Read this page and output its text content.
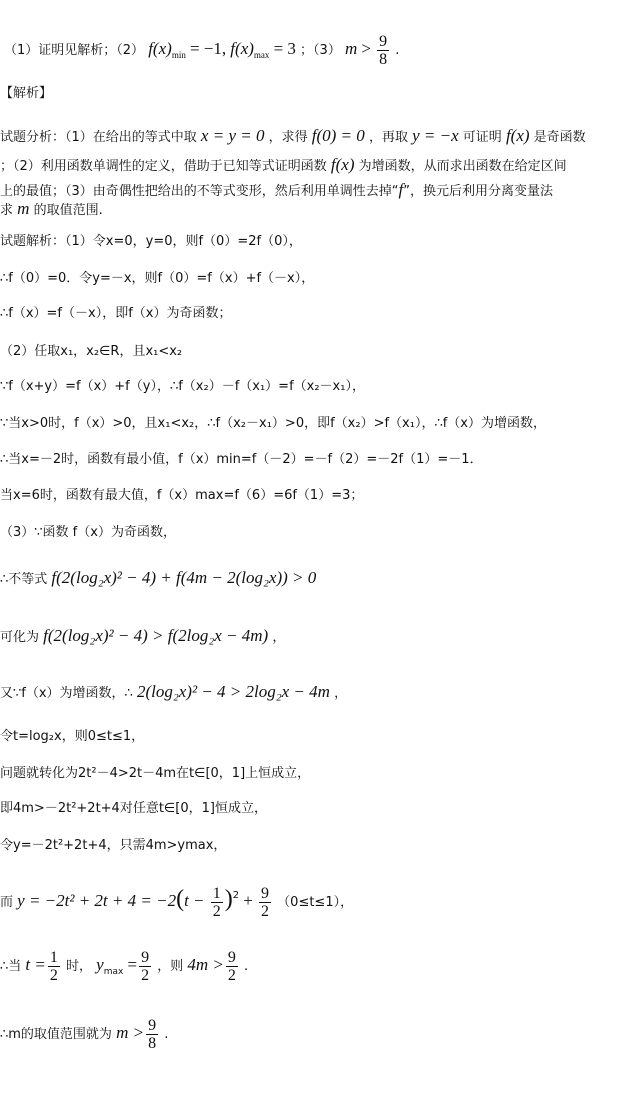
（1）证明见解析；（2） $f(x)_{min} = -1$, $f(x)_{max} = 3$ ；（3） $m > \frac{9}{8}$ .
【解析】
试题分析：（1）在给出的等式中取 x = y = 0 ，求得 f(0) = 0 ，再取 y = −x 可证明 f(x) 是奇函数
；（2）利用函数单调性的定义，借助于已知等式证明函数 f(x) 为增函数，从而求出函数在给定区间
上的最值；（3）由奇偶性把给出的不等式变形，然后利用单调性去掉“f”，换元后利用分离变量法
求 m 的取值范围.
试题解析：（1）令x=0，y=0，则f（0）=2f（0），
∴f（0）=0．令y=－x，则f（0）=f（x）+f（－x），
∴f（x）=f（－x），即f（x）为奇函数；
（2）任取x₁，x₂∈R，且x₁<x₂
∵f（x+y）=f（x）+f（y），∴f（x₂）－f（x₁）=f（x₂－x₁），
∵当x>0时，f（x）>0，且x₁<x₂，∴f（x₂－x₁）>0，即f（x₂）>f（x₁），∴f（x）为增函数，
∴当x=－2时，函数有最小值，f（x）min=f（－2）=－f（2）=－2f（1）=－1．
当x=6时，函数有最大值，f（x）max=f（6）=6f（1）=3；
（3）∵函数 f（x）为奇函数，
∴不等式 f(2(log₂x)² − 4) + f(4m − 2(log₂x)) > 0
可化为 f(2(log₂x)² − 4) > f(2log₂x − 4m) ，
又∵f（x）为增函数，∴ 2(log₂x)² − 4 > 2log₂x − 4m ，
令t=log₂x，则0≤t≤1，
问题就转化为2t²－4>2t－4m在t∈[0，1]上恒成立，
即4m>－2t²+2t+4对任意t∈[0，1]恒成立，
令y=－2t²+2t+4，只需4m>ymax，
而 $y = -2t^2 + 2t + 4 = -2(t - \frac{1}{2} )^2 + \frac{9}{2} (0\le t\le 1)$，
∴当 $t = \frac{1}{2}$ 时， $y_{max} = \frac{9}{2}$ ，则 $4m > \frac{9}{2}$ .
∴m的取值范围就为 $m > \frac{9}{8}$ .
